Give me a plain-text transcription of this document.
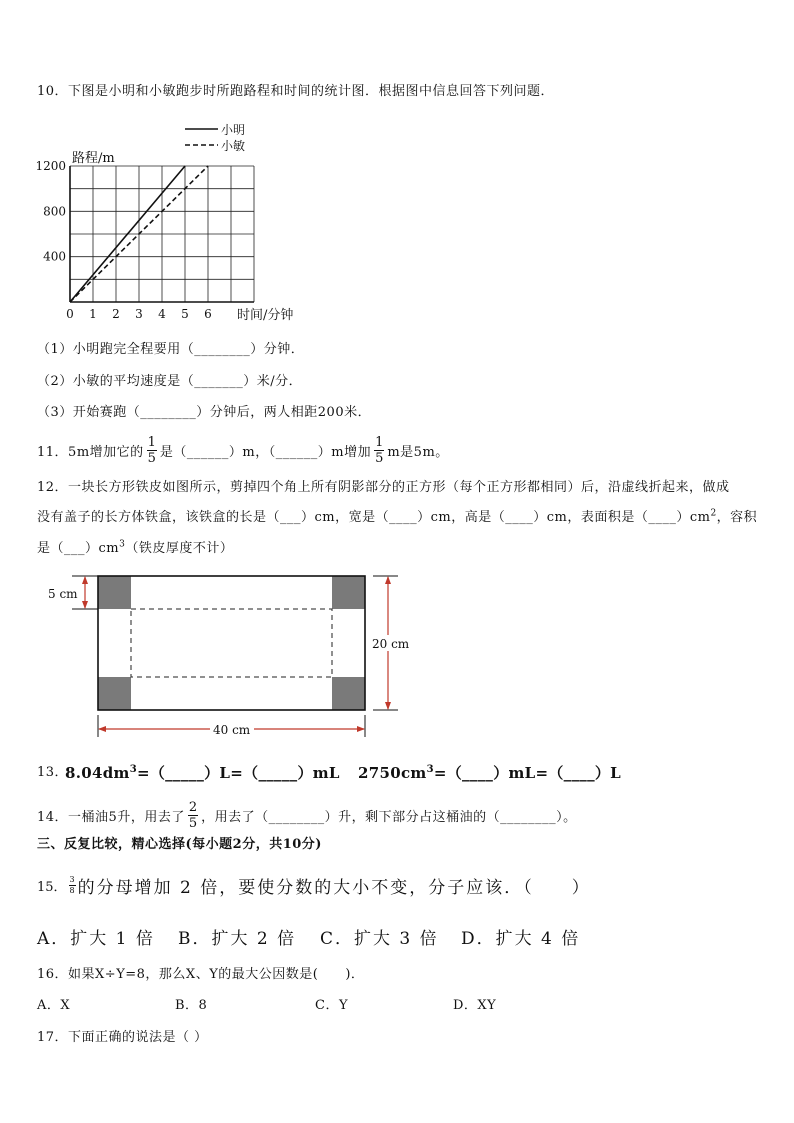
10．下图是小明和小敏跑步时所跑路程和时间的统计图．根据图中信息回答下列问题．
0 1 2 3 4 5 6
400
800
1200 路程/m
时间/分钟
小明
小敏
（1）小明跑完全程要用（________）分钟．
（2）小敏的平均速度是（_______）米/分．
（3）开始赛跑（________）分钟后，两人相距200米．
11．5m增加它的 $\frac{1}{5}$ 是（______）m，（______）m增加 $\frac{1}{5}$ m是5m。
12．一块长方形铁皮如图所示，剪掉四个角上所有阴影部分的正方形（每个正方形都相同）后，沿虚线折起来，做成
没有盖子的长方体铁盒，该铁盒的长是（___）cm，宽是（____）cm，高是（____）cm，表面积是$(\_\_\_\_)cm^2$，容积
是$(\_\_\_)cm^3$（铁皮厚度不计）
5 cm
20 cm
40 cm
13．
$8.04dm^3=(\_\_\_\_\_)L=(\_\_\_\_\_)mL$ $2750cm^3=(\_\_\_\_)mL=(\_\_\_\_)L$
14．一桶油5升，用去了 $\frac{2}{5}$ ，用去了（________）升，剩下部分占这桶油的（________）。
三、反复比较，精心选择(每小题2分，共10分)
15． $\frac{3}{8}$ 的分母增加 2 倍，要使分数的大小不变，分子应该．（　　）
A．扩大 1 倍 B．扩大 2 倍 C．扩大 3 倍 D．扩大 4 倍
16．如果X÷Y=8，那么X、Y的最大公因数是(　　)．
A．X	B．8	C．Y	D．XY
17．下面正确的说法是（ ）
